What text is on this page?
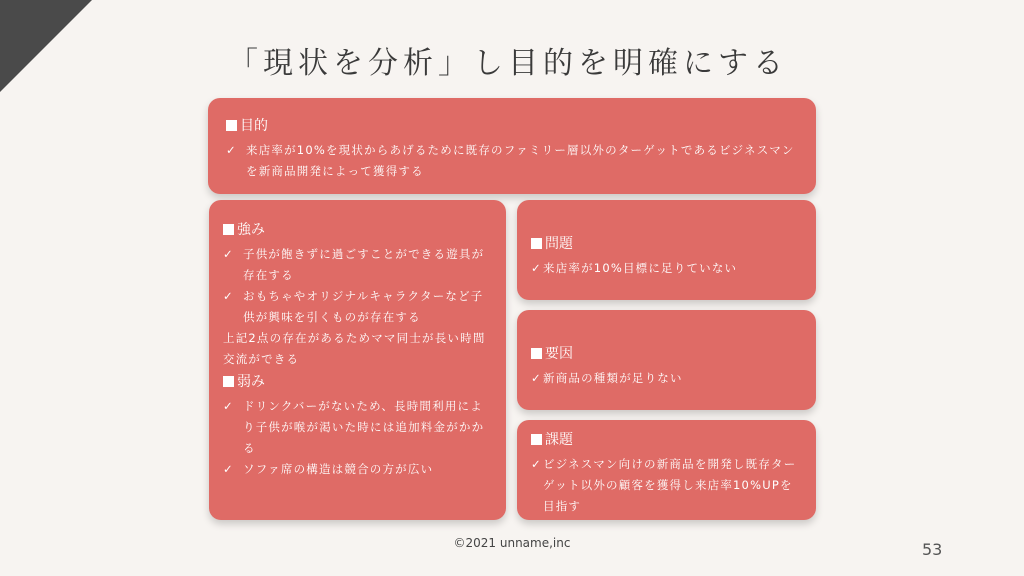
「現状を分析」し目的を明確にする
目的
✓ 来店率が10%を現状からあげるために既存のファミリー層以外のターゲットであるビジネスマンを新商品開発によって獲得する
強み
✓ 子供が飽きずに過ごすことができる遊具が存在する
✓ おもちゃやオリジナルキャラクターなど子供が興味を引くものが存在する
上記2点の存在があるためママ同士が長い時間交流ができる
弱み
✓ ドリンクバーがないため、長時間利用により子供が喉が渇いた時には追加料金がかかる
✓ ソファ席の構造は競合の方が広い
問題
✓ 来店率が10%目標に足りていない
要因
✓ 新商品の種類が足りない
課題
✓ ビジネスマン向けの新商品を開発し既存ターゲット以外の顧客を獲得し来店率10%UPを目指す
©2021 unname,inc	53
